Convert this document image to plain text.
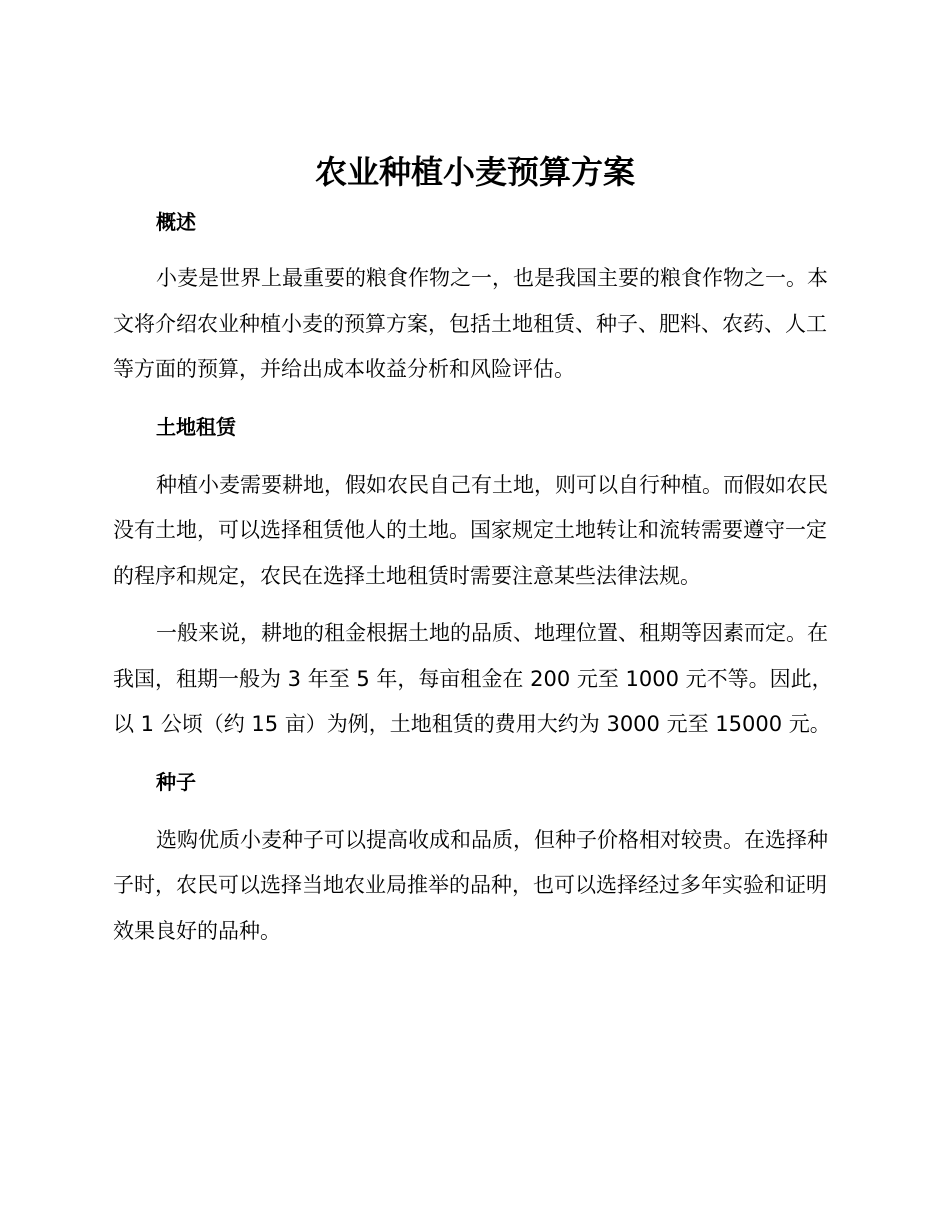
农业种植小麦预算方案
概述

小麦是世界上最重要的粮食作物之一，也是我国主要的粮食作物之一。本文将介绍农业种植小麦的预算方案，包括土地租赁、种子、肥料、农药、人工等方面的预算，并给出成本收益分析和风险评估。

土地租赁

种植小麦需要耕地，假如农民自己有土地，则可以自行种植。而假如农民没有土地，可以选择租赁他人的土地。国家规定土地转让和流转需要遵守一定的程序和规定，农民在选择土地租赁时需要注意某些法律法规。

一般来说，耕地的租金根据土地的品质、地理位置、租期等因素而定。在我国，租期一般为 3 年至 5 年，每亩租金在 200 元至 1000 元不等。因此，以 1 公顷（约 15 亩）为例，土地租赁的费用大约为 3000 元至 15000 元。

种子

选购优质小麦种子可以提高收成和品质，但种子价格相对较贵。在选择种子时，农民可以选择当地农业局推举的品种，也可以选择经过多年实验和证明效果良好的品种。
